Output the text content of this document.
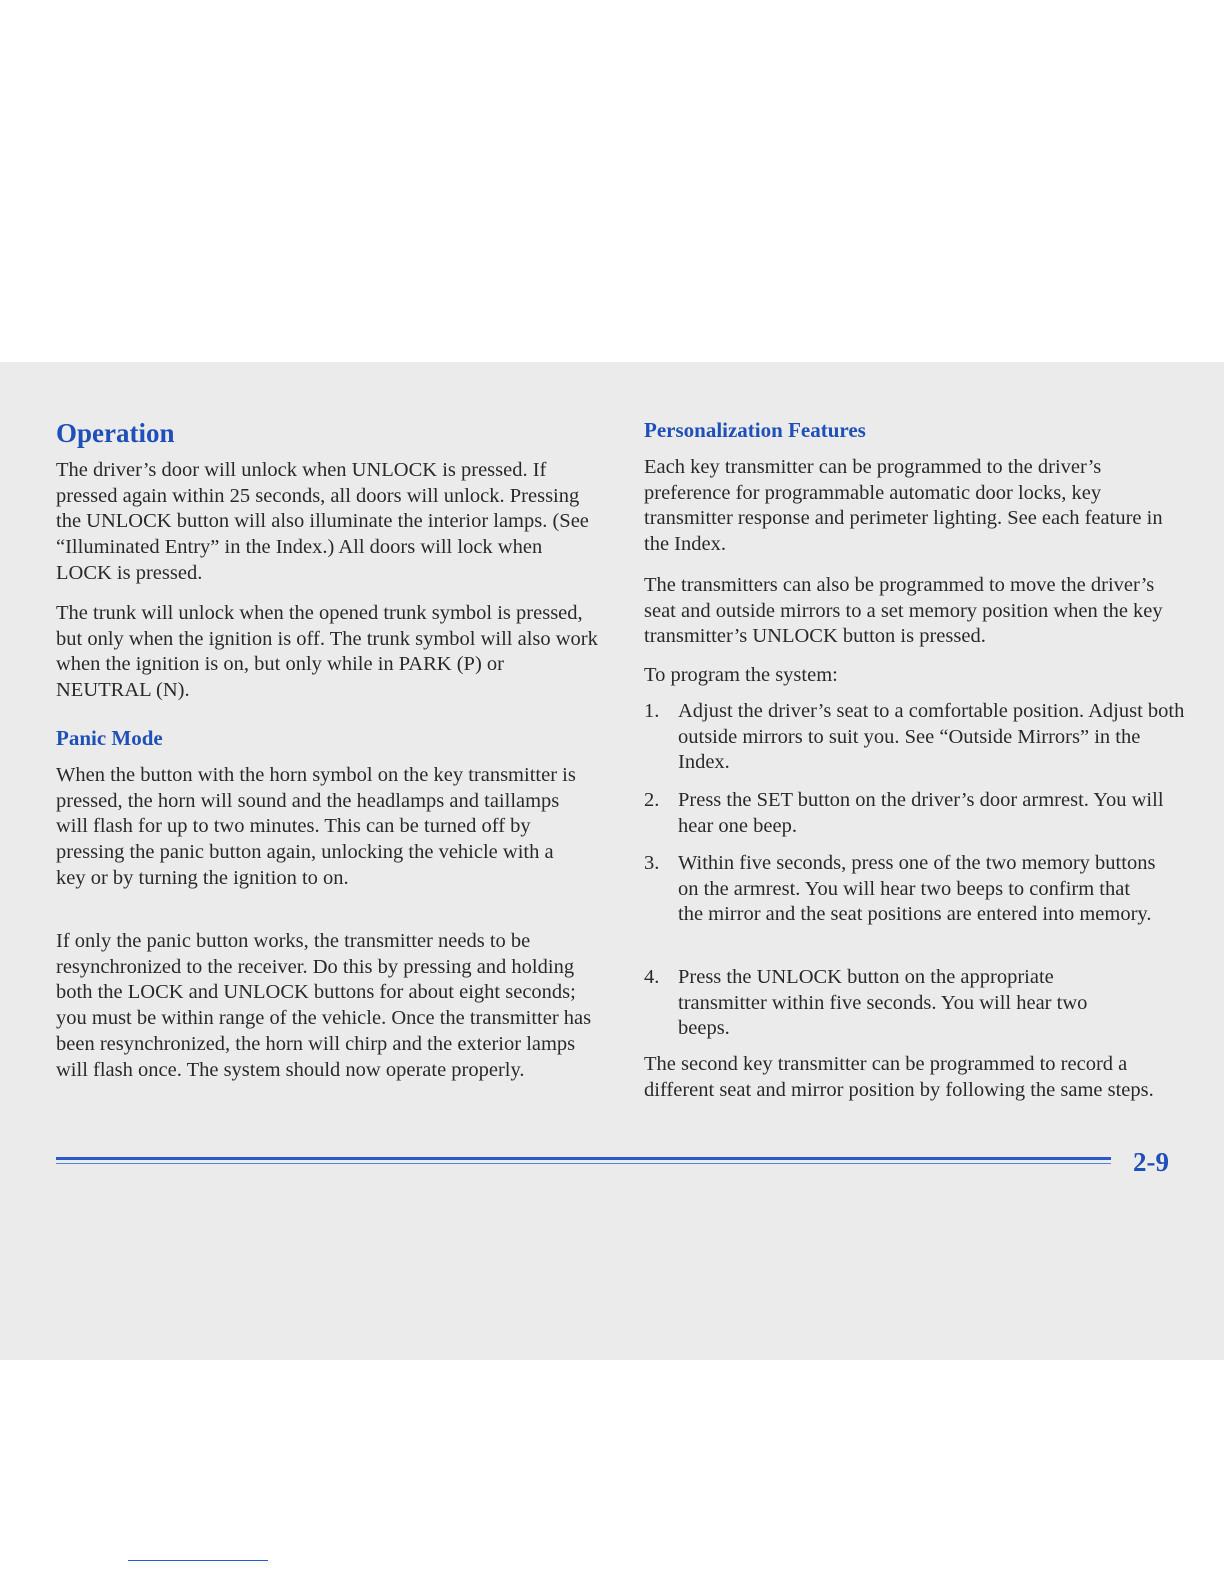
Operation

The driver’s door will unlock when UNLOCK is pressed. If pressed again within 25 seconds, all doors will unlock. Pressing the UNLOCK button will also illuminate the interior lamps. (See “Illuminated Entry” in the Index.) All doors will lock when LOCK is pressed.

The trunk will unlock when the opened trunk symbol is pressed, but only when the ignition is off. The trunk symbol will also work when the ignition is on, but only while in PARK (P) or NEUTRAL (N).

Panic Mode

When the button with the horn symbol on the key transmitter is pressed, the horn will sound and the headlamps and taillamps will flash for up to two minutes. This can be turned off by pressing the panic button again, unlocking the vehicle with a key or by turning the ignition to on.

If only the panic button works, the transmitter needs to be resynchronized to the receiver. Do this by pressing and holding both the LOCK and UNLOCK buttons for about eight seconds; you must be within range of the vehicle. Once the transmitter has been resynchronized, the horn will chirp and the exterior lamps will flash once. The system should now operate properly.

Personalization Features

Each key transmitter can be programmed to the driver’s preference for programmable automatic door locks, key transmitter response and perimeter lighting. See each feature in the Index.

The transmitters can also be programmed to move the driver’s seat and outside mirrors to a set memory position when the key transmitter’s UNLOCK button is pressed.

To program the system:

1. Adjust the driver’s seat to a comfortable position. Adjust both outside mirrors to suit you. See “Outside Mirrors” in the Index.

2. Press the SET button on the driver’s door armrest. You will hear one beep.

3. Within five seconds, press one of the two memory buttons on the armrest. You will hear two beeps to confirm that the mirror and the seat positions are entered into memory.

4. Press the UNLOCK button on the appropriate transmitter within five seconds. You will hear two beeps.

The second key transmitter can be programmed to record a different seat and mirror position by following the same steps.

2-9
